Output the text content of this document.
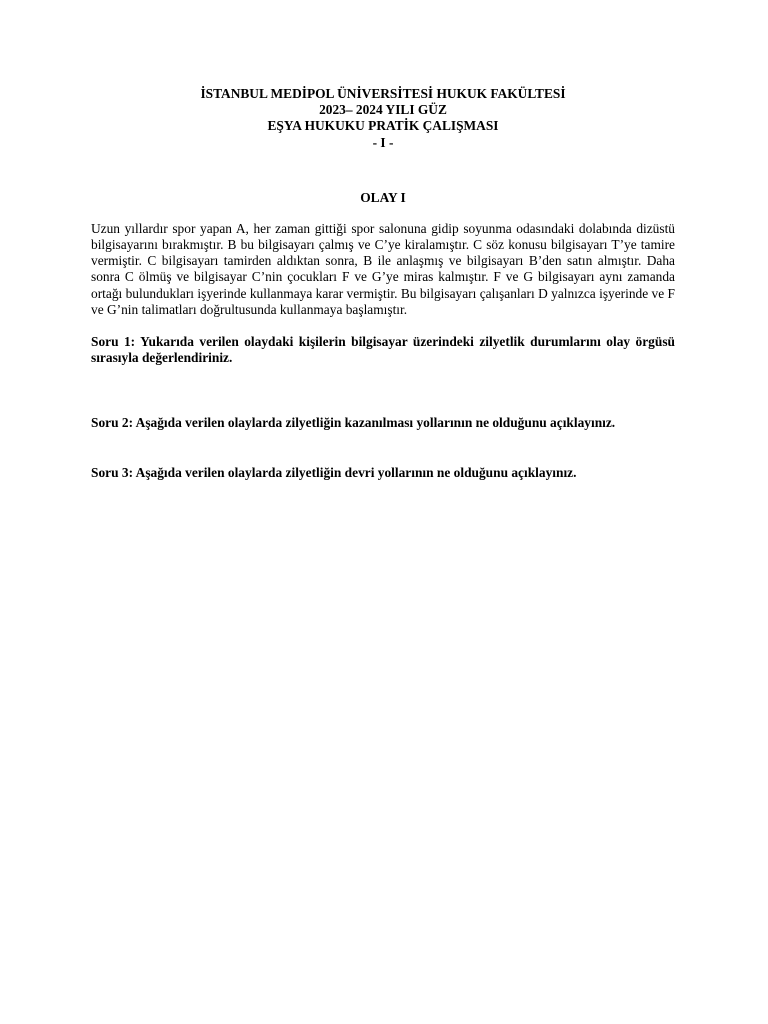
İSTANBUL MEDİPOL ÜNİVERSİTESİ HUKUK FAKÜLTESİ
2023– 2024 YILI GÜZ
EŞYA HUKUKU PRATİK ÇALIŞMASI
- I -
OLAY I
Uzun yıllardır spor yapan A, her zaman gittiği spor salonuna gidip soyunma odasındaki dolabında dizüstü bilgisayarını bırakmıştır. B bu bilgisayarı çalmış ve C’ye kiralamıştır. C söz konusu bilgisayarı T’ye tamire vermiştir. C bilgisayarı tamirden aldıktan sonra, B ile anlaşmış ve bilgisayarı B’den satın almıştır. Daha sonra C ölmüş ve bilgisayar C’nin çocukları F ve G’ye miras kalmıştır. F ve G bilgisayarı aynı zamanda ortağı bulundukları işyerinde kullanmaya karar vermiştir. Bu bilgisayarı çalışanları D yalnızca işyerinde ve F ve G’nin talimatları doğrultusunda kullanmaya başlamıştır.
Soru 1: Yukarıda verilen olaydaki kişilerin bilgisayar üzerindeki zilyetlik durumlarını olay örgüsü sırasıyla değerlendiriniz.
Soru 2: Aşağıda verilen olaylarda zilyetliğin kazanılması yollarının ne olduğunu açıklayınız.
Soru 3: Aşağıda verilen olaylarda zilyetliğin devri yollarının ne olduğunu açıklayınız.
